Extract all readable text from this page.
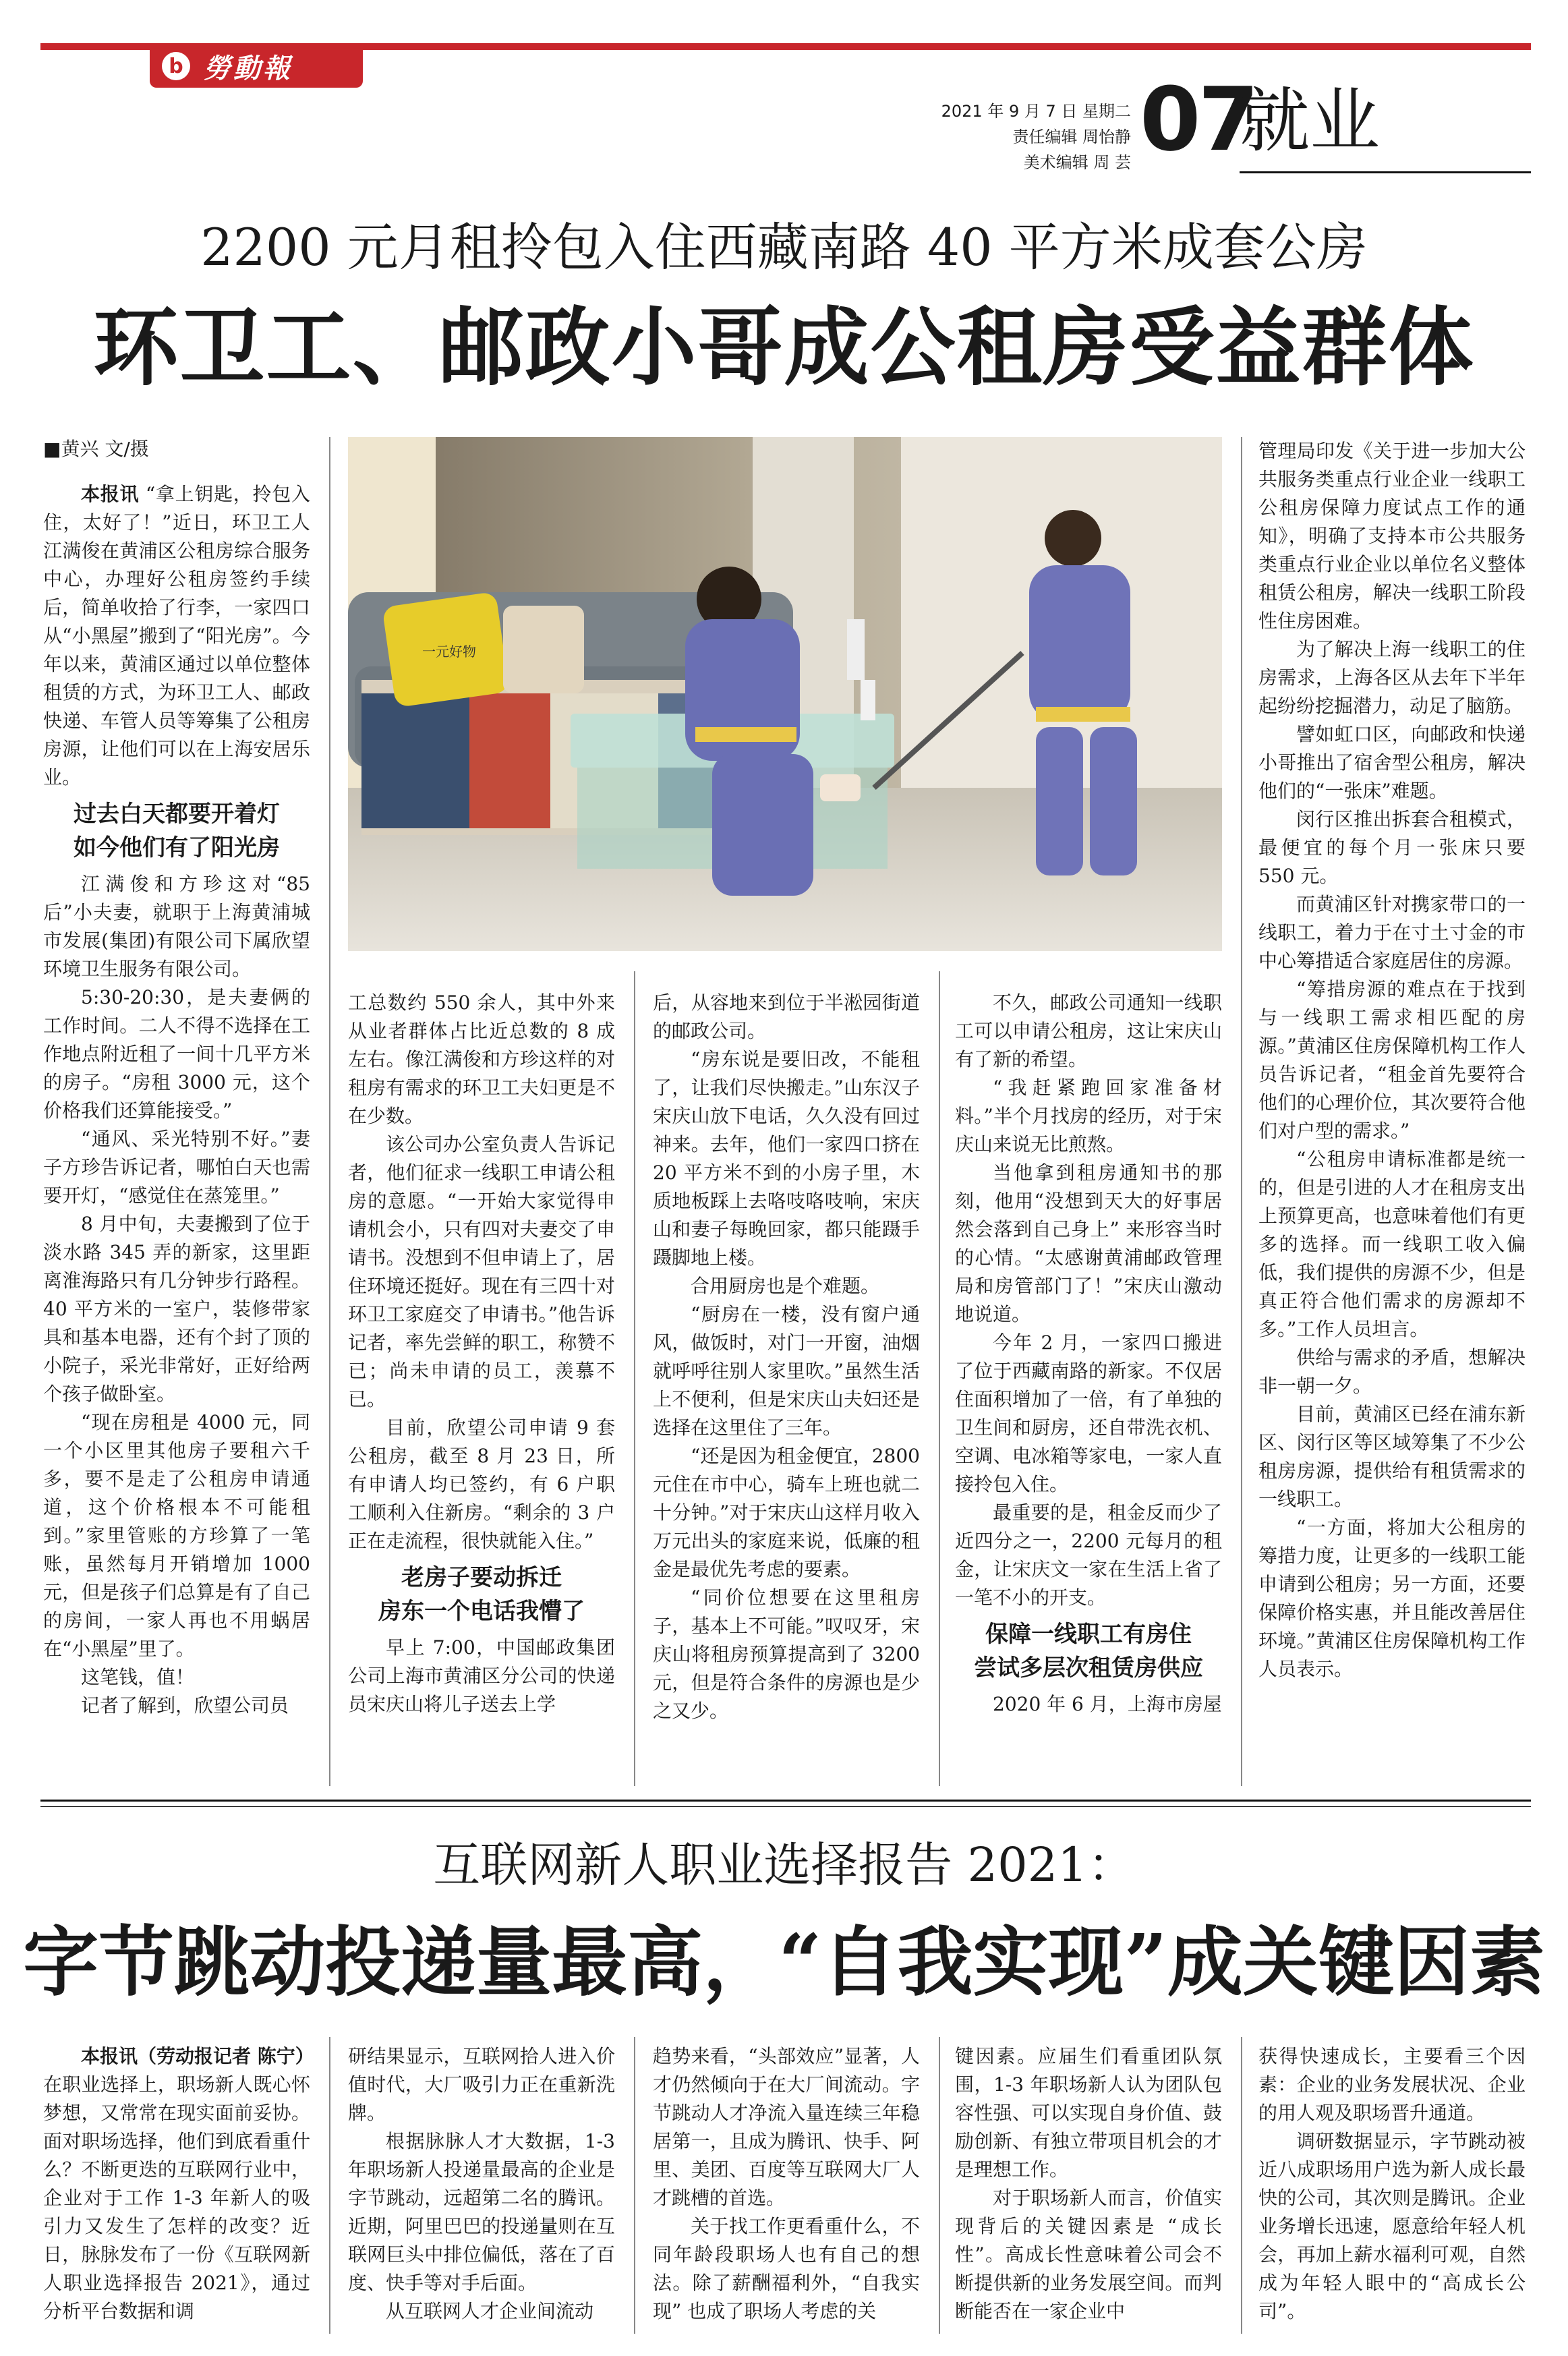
b 勞動報
2021 年 9 月 7 日 星期二
责任编辑 周怡静
美术编辑 周 芸 07
就业
2200 元月租拎包入住西藏南路 40 平方米成套公房
环卫工、邮政小哥成公租房受益群体
■黄兴 文/摄
一元好物

本报讯 “拿上钥匙，拎包入住，太好了！”近日，环卫工人江满俊在黄浦区公租房综合服务中心，办理好公租房签约手续后，简单收拾了行李，一家四口从“小黑屋”搬到了“阳光房”。今年以来，黄浦区通过以单位整体租赁的方式，为环卫工人、邮政快递、车管人员等筹集了公租房房源，让他们可以在上海安居乐业。

过去白天都要开着灯
如今他们有了阳光房

江满俊和方珍这对“85后”小夫妻，就职于上海黄浦城市发展(集团)有限公司下属欣望环境卫生服务有限公司。

5:30-20:30，是夫妻俩的工作时间。二人不得不选择在工作地点附近租了一间十几平方米的房子。“房租 3000 元，这个价格我们还算能接受。”

“通风、采光特别不好。”妻子方珍告诉记者，哪怕白天也需要开灯，“感觉住在蒸笼里。”

8 月中旬，夫妻搬到了位于淡水路 345 弄的新家，这里距离淮海路只有几分钟步行路程。40 平方米的一室户，装修带家具和基本电器，还有个封了顶的小院子，采光非常好，正好给两个孩子做卧室。

“现在房租是 4000 元，同一个小区里其他房子要租六千多，要不是走了公租房申请通道，这个价格根本不可能租到。”家里管账的方珍算了一笔账，虽然每月开销增加 1000 元，但是孩子们总算是有了自己的房间，一家人再也不用蜗居在“小黑屋”里了。

这笔钱，值！

记者了解到，欣望公司员

工总数约 550 余人，其中外来从业者群体占比近总数的 8 成左右。像江满俊和方珍这样的对租房有需求的环卫工夫妇更是不在少数。

该公司办公室负责人告诉记者，他们征求一线职工申请公租房的意愿。“一开始大家觉得申请机会小，只有四对夫妻交了申请书。没想到不但申请上了，居住环境还挺好。现在有三四十对环卫工家庭交了申请书。”他告诉记者，率先尝鲜的职工，称赞不已；尚未申请的员工，羡慕不已。

目前，欣望公司申请 9 套公租房，截至 8 月 23 日，所有申请人均已签约，有 6 户职工顺利入住新房。“剩余的 3 户正在走流程，很快就能入住。”

老房子要动拆迁
房东一个电话我懵了

早上 7:00，中国邮政集团公司上海市黄浦区分公司的快递员宋庆山将儿子送去上学

后，从容地来到位于半淞园街道的邮政公司。

“房东说是要旧改，不能租了，让我们尽快搬走。”山东汉子宋庆山放下电话，久久没有回过神来。去年，他们一家四口挤在 20 平方米不到的小房子里，木质地板踩上去咯吱咯吱响，宋庆山和妻子每晚回家，都只能蹑手蹑脚地上楼。

合用厨房也是个难题。

“厨房在一楼，没有窗户通风，做饭时，对门一开窗，油烟就呼呼往别人家里吹。”虽然生活上不便利，但是宋庆山夫妇还是选择在这里住了三年。

“还是因为租金便宜，2800 元住在市中心，骑车上班也就二十分钟。”对于宋庆山这样月收入万元出头的家庭来说，低廉的租金是最优先考虑的要素。

“同价位想要在这里租房子，基本上不可能。”叹叹牙，宋庆山将租房预算提高到了 3200 元，但是符合条件的房源也是少之又少。

不久，邮政公司通知一线职工可以申请公租房，这让宋庆山有了新的希望。

“我赶紧跑回家准备材料。”半个月找房的经历，对于宋庆山来说无比煎熬。

当他拿到租房通知书的那刻，他用“没想到天大的好事居然会落到自己身上” 来形容当时的心情。“太感谢黄浦邮政管理局和房管部门了！”宋庆山激动地说道。

今年 2 月，一家四口搬进了位于西藏南路的新家。不仅居住面积增加了一倍，有了单独的卫生间和厨房，还自带洗衣机、空调、电冰箱等家电，一家人直接拎包入住。

最重要的是，租金反而少了近四分之一，2200 元每月的租金，让宋庆文一家在生活上省了一笔不小的开支。

保障一线职工有房住
尝试多层次租赁房供应

2020 年 6 月，上海市房屋

管理局印发《关于进一步加大公共服务类重点行业企业一线职工公租房保障力度试点工作的通知》，明确了支持本市公共服务类重点行业企业以单位名义整体租赁公租房，解决一线职工阶段性住房困难。

为了解决上海一线职工的住房需求，上海各区从去年下半年起纷纷挖掘潜力，动足了脑筋。

譬如虹口区，向邮政和快递小哥推出了宿舍型公租房，解决他们的“一张床”难题。

闵行区推出拆套合租模式，最便宜的每个月一张床只要 550 元。

而黄浦区针对携家带口的一线职工，着力于在寸土寸金的市中心筹措适合家庭居住的房源。

“筹措房源的难点在于找到与一线职工需求相匹配的房源。”黄浦区住房保障机构工作人员告诉记者，“租金首先要符合他们的心理价位，其次要符合他们对户型的需求。”

“公租房申请标准都是统一的，但是引进的人才在租房支出上预算更高，也意味着他们有更多的选择。而一线职工收入偏低，我们提供的房源不少，但是真正符合他们需求的房源却不多。”工作人员坦言。

供给与需求的矛盾，想解决非一朝一夕。

目前，黄浦区已经在浦东新区、闵行区等区域筹集了不少公租房房源，提供给有租赁需求的一线职工。

“一方面，将加大公租房的筹措力度，让更多的一线职工能申请到公租房；另一方面，还要保障价格实惠，并且能改善居住环境。”黄浦区住房保障机构工作人员表示。

互联网新人职业选择报告 2021：
字节跳动投递量最高，“自我实现”成关键因素

本报讯（劳动报记者 陈宁）在职业选择上，职场新人既心怀梦想，又常常在现实面前妥协。面对职场选择，他们到底看重什么？不断更迭的互联网行业中，企业对于工作 1-3 年新人的吸引力又发生了怎样的改变？近日，脉脉发布了一份《互联网新人职业选择报告 2021》，通过分析平台数据和调

研结果显示，互联网拾人进入价值时代，大厂吸引力正在重新洗牌。

根据脉脉人才大数据，1-3 年职场新人投递量最高的企业是字节跳动，远超第二名的腾讯。近期，阿里巴巴的投递量则在互联网巨头中排位偏低，落在了百度、快手等对手后面。

从互联网人才企业间流动

趋势来看，“头部效应”显著，人才仍然倾向于在大厂间流动。字节跳动人才净流入量连续三年稳居第一，且成为腾讯、快手、阿里、美团、百度等互联网大厂人才跳槽的首选。

关于找工作更看重什么，不同年龄段职场人也有自己的想法。除了薪酬福利外，“自我实现” 也成了职场人考虑的关

键因素。应届生们看重团队氛围，1-3 年职场新人认为团队包容性强、可以实现自身价值、鼓励创新、有独立带项目机会的才是理想工作。

对于职场新人而言，价值实现背后的关键因素是 “成长性”。高成长性意味着公司会不断提供新的业务发展空间。而判断能否在一家企业中

获得快速成长，主要看三个因素：企业的业务发展状况、企业的用人观及职场晋升通道。

调研数据显示，字节跳动被近八成职场用户选为新人成长最快的公司，其次则是腾讯。企业业务增长迅速，愿意给年轻人机会，再加上薪水福利可观，自然成为年轻人眼中的“高成长公司”。
